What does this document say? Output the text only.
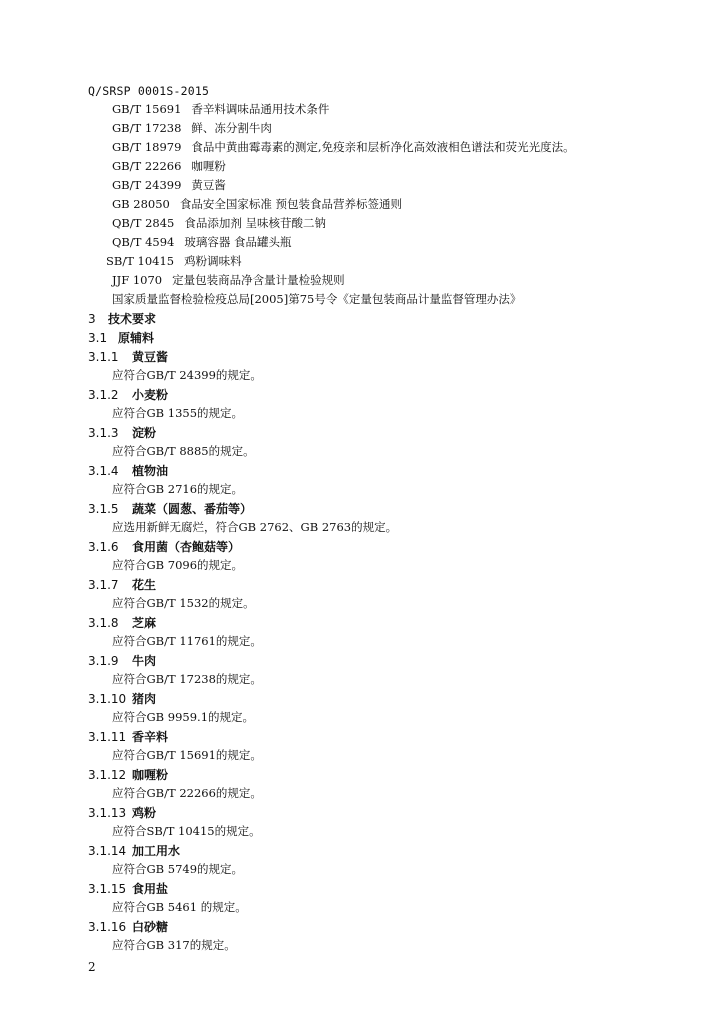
Q/SRSP 0001S-2015
GB/T 15691 香辛料调味品通用技术条件
GB/T 17238 鲜、冻分割牛肉
GB/T 18979 食品中黄曲霉毒素的测定,免疫亲和层析净化高效液相色谱法和荧光光度法。
GB/T 22266 咖喱粉
GB/T 24399 黄豆酱
GB 28050 食品安全国家标准 预包装食品营养标签通则
QB/T 2845 食品添加剂 呈味核苷酸二钠
QB/T 4594 玻璃容器 食品罐头瓶
SB/T 10415 鸡粉调味料
JJF 1070 定量包装商品净含量计量检验规则
国家质量监督检验检疫总局[2005]第75号令《定量包装商品计量监督管理办法》
3 技术要求
3.1 原辅料
3.1.1 黄豆酱
应符合GB/T 24399的规定。
3.1.2 小麦粉
应符合GB 1355的规定。
3.1.3 淀粉
应符合GB/T 8885的规定。
3.1.4 植物油
应符合GB 2716的规定。
3.1.5 蔬菜（圆葱、番茄等）
应选用新鲜无腐烂，符合GB 2762、GB 2763的规定。
3.1.6 食用菌（杏鲍菇等）
应符合GB 7096的规定。
3.1.7 花生
应符合GB/T 1532的规定。
3.1.8 芝麻
应符合GB/T 11761的规定。
3.1.9 牛肉
应符合GB/T 17238的规定。
3.1.10 猪肉
应符合GB 9959.1的规定。
3.1.11 香辛料
应符合GB/T 15691的规定。
3.1.12 咖喱粉
应符合GB/T 22266的规定。
3.1.13 鸡粉
应符合SB/T 10415的规定。
3.1.14 加工用水
应符合GB 5749的规定。
3.1.15 食用盐
应符合GB 5461 的规定。
3.1.16 白砂糖
应符合GB 317的规定。
2
